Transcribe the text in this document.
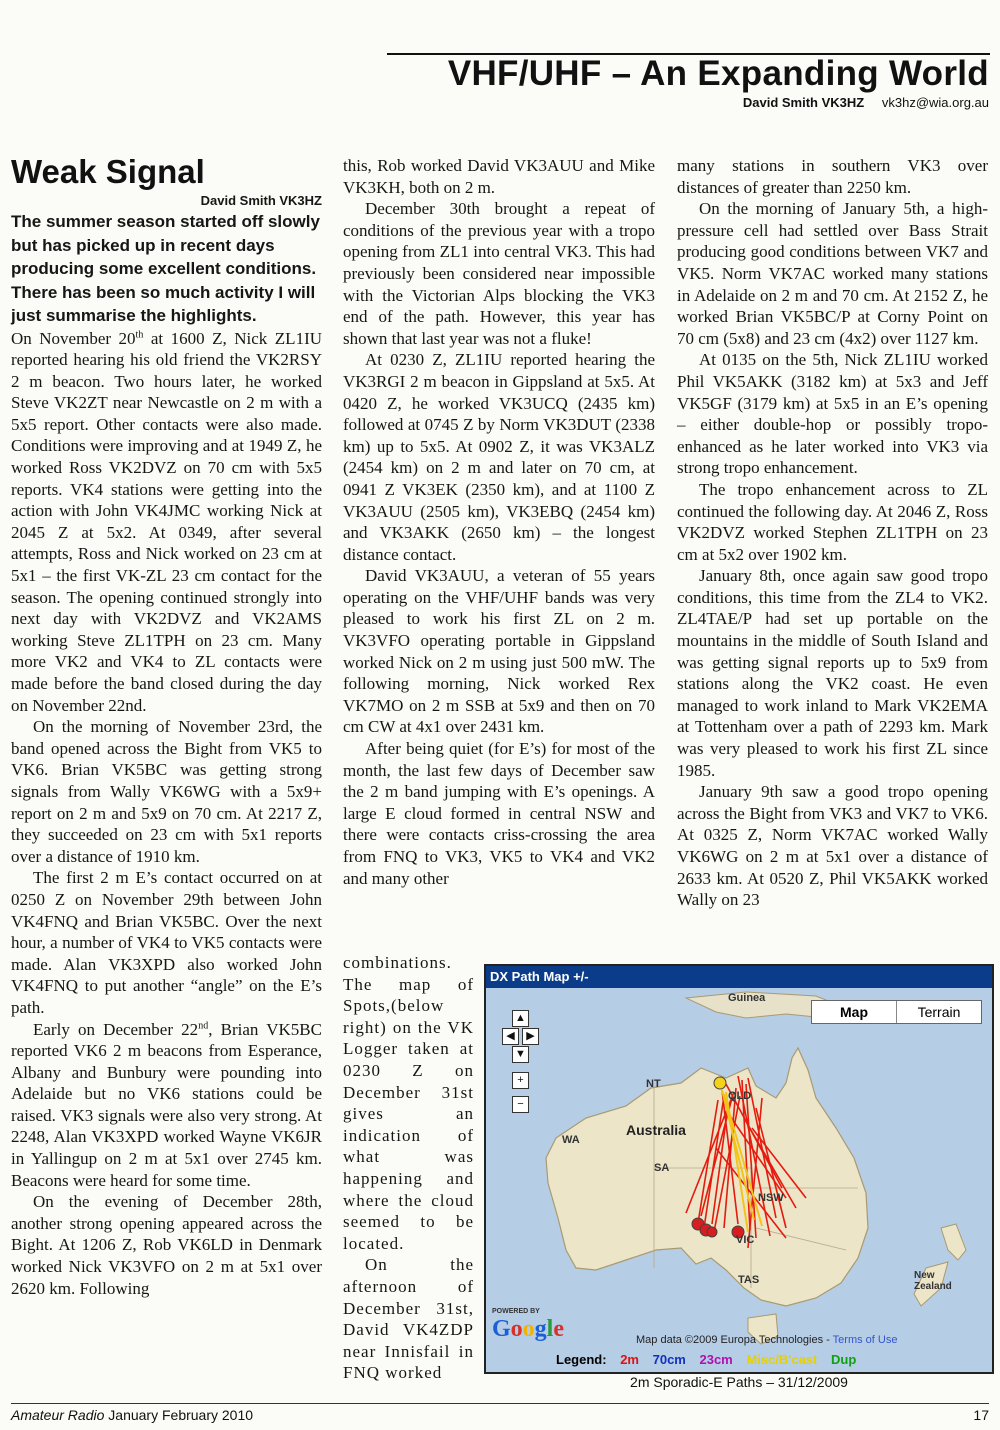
VHF/UHF – An Expanding World
David Smith VK3HZ vk3hz@wia.org.au
Weak Signal
David Smith VK3HZ

The summer season started off slowly but has picked up in recent days producing some excellent conditions. There has been so much activity I will just summarise the highlights.

On November 20th at 1600 Z, Nick ZL1IU reported hearing his old friend the VK2RSY 2 m beacon. Two hours later, he worked Steve VK2ZT near Newcastle on 2 m with a 5x5 report. Other contacts were also made. Conditions were improving and at 1949 Z, he worked Ross VK2DVZ on 70 cm with 5x5 reports. VK4 stations were getting into the action with John VK4JMC working Nick at 2045 Z at 5x2. At 0349, after several attempts, Ross and Nick worked on 23 cm at 5x1 – the first VK-ZL 23 cm contact for the season. The opening continued strongly into next day with VK2DVZ and VK2AMS working Steve ZL1TPH on 23 cm. Many more VK2 and VK4 to ZL contacts were made before the band closed during the day on November 22nd.

On the morning of November 23rd, the band opened across the Bight from VK5 to VK6. Brian VK5BC was getting strong signals from Wally VK6WG with a 5x9+ report on 2 m and 5x9 on 70 cm. At 2217 Z, they succeeded on 23 cm with 5x1 reports over a distance of 1910 km.

The first 2 m E’s contact occurred on at 0250 Z on November 29th between John VK4FNQ and Brian VK5BC. Over the next hour, a number of VK4 to VK5 contacts were made. Alan VK3XPD also worked John VK4FNQ to put another “angle” on the E’s path.

Early on December 22nd, Brian VK5BC reported VK6 2 m beacons from Esperance, Albany and Bunbury were pounding into Adelaide but no VK6 stations could be raised. VK3 signals were also very strong. At 2248, Alan VK3XPD worked Wayne VK6JR in Yallingup on 2 m at 5x1 over 2745 km. Beacons were heard for some time.

On the evening of December 28th, another strong opening appeared across the Bight. At 1206 Z, Rob VK6LD in Denmark worked Nick VK3VFO on 2 m at 5x1 over 2620 km. Following

this, Rob worked David VK3AUU and Mike VK3KH, both on 2 m.

December 30th brought a repeat of conditions of the previous year with a tropo opening from ZL1 into central VK3. This had previously been considered near impossible with the Victorian Alps blocking the VK3 end of the path. However, this year has shown that last year was not a fluke!

At 0230 Z, ZL1IU reported hearing the VK3RGI 2 m beacon in Gippsland at 5x5. At 0420 Z, he worked VK3UCQ (2435 km) followed at 0745 Z by Norm VK3DUT (2338 km) up to 5x5. At 0902 Z, it was VK3ALZ (2454 km) on 2 m and later on 70 cm, at 0941 Z VK3EK (2350 km), and at 1100 Z VK3AUU (2505 km), VK3EBQ (2454 km) and VK3AKK (2650 km) – the longest distance contact.

David VK3AUU, a veteran of 55 years operating on the VHF/UHF bands was very pleased to work his first ZL on 2 m. VK3VFO operating portable in Gippsland worked Nick on 2 m using just 500 mW. The following morning, Nick worked Rex VK7MO on 2 m SSB at 5x9 and then on 70 cm CW at 4x1 over 2431 km.

After being quiet (for E’s) for most of the month, the last few days of December saw the 2 m band jumping with E’s openings. A large E cloud formed in central NSW and there were contacts criss-crossing the area from FNQ to VK3, VK5 to VK4 and VK2 and many other

combinations. The map of Spots,(below right) on the VK Logger taken at 0230 Z on December 31st gives an indication of what was happening and where the cloud seemed to be located.

On the afternoon of December 31st, David VK4ZDP near Innisfail in FNQ worked

many stations in southern VK3 over distances of greater than 2250 km.

On the morning of January 5th, a high-pressure cell had settled over Bass Strait producing good conditions between VK7 and VK5. Norm VK7AC worked many stations in Adelaide on 2 m and 70 cm. At 2152 Z, he worked Brian VK5BC/P at Corny Point on 70 cm (5x8) and 23 cm (4x2) over 1127 km.

At 0135 on the 5th, Nick ZL1IU worked Phil VK5AKK (3182 km) at 5x3 and Jeff VK5GF (3179 km) at 5x5 in an E’s opening – either double-hop or possibly tropo-enhanced as he later worked into VK3 via strong tropo enhancement.

The tropo enhancement across to ZL continued the following day. At 2046 Z, Ross VK2DVZ worked Stephen ZL1TPH on 23 cm at 5x2 over 1902 km.

January 8th, once again saw good tropo conditions, this time from the ZL4 to VK2. ZL4TAE/P had set up portable on the mountains in the middle of South Island and was getting signal reports up to 5x9 from stations along the VK2 coast. He even managed to work inland to Mark VK2EMA at Tottenham over a path of 2293 km. Mark was very pleased to work his first ZL since 1985.

January 9th saw a good tropo opening across the Bight from VK3 and VK7 to VK6. At 0325 Z, Norm VK7AC worked Wally VK6WG on 2 m at 5x1 over a distance of 2633 km. At 0520 Z, Phil VK5AKK worked Wally on 23

DX Path Map +/-
Map	Terrain
▲
◀	▶
▼
+
−
Guinea
NT
QLD
Australia
WA
SA
NSW
VIC
TAS	New Zealand
POWERED BY
Google	Map data ©2009 Europa Technologies - Terms of Use
Legend: 2m 70cm 23cm Misc/B'cast Dup
2m Sporadic-E Paths – 31/12/2009
Amateur Radio January February 2010	17
